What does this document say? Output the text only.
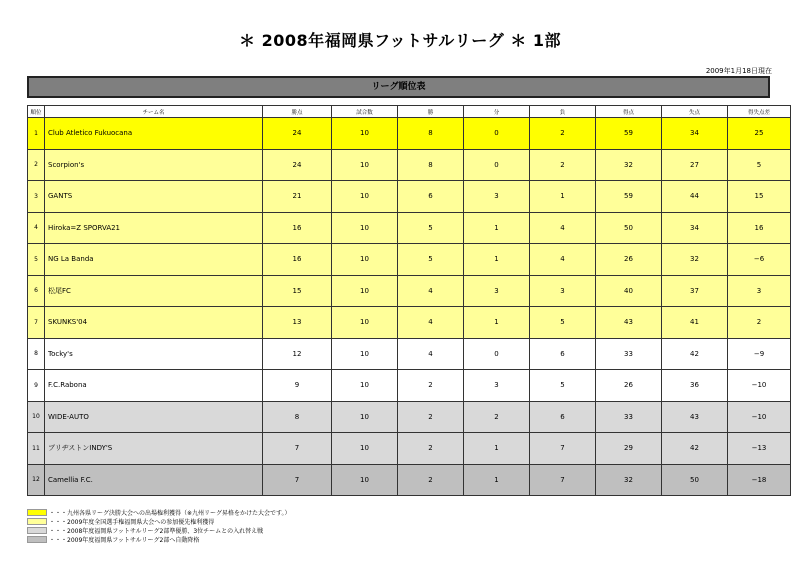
＊ 2008年福岡県フットサルリーグ ＊ 1部
2009年1月18日現在
リーグ順位表
順位	チーム名	勝点	試合数	勝	分	負	得点	失点	得失点差
1	Club Atletico Fukuocana	24	10	8	0	2	59	34	25
2	Scorpion's	24	10	8	0	2	32	27	5
3	GANTS	21	10	6	3	1	59	44	15
4	Hiroka=Z SPORVA21	16	10	5	1	4	50	34	16
5	NG La Banda	16	10	5	1	4	26	32	−6
6	松尾FC	15	10	4	3	3	40	37	3
7	SKUNKS'04	13	10	4	1	5	43	41	2
8	Tocky's	12	10	4	0	6	33	42	−9
9	F.C.Rabona	9	10	2	3	5	26	36	−10
10	WIDE-AUTO	8	10	2	2	6	33	43	−10
11	ブリヂストンINDY'S	7	10	2	1	7	29	42	−13
12	Camellia F.C.	7	10	2	1	7	32	50	−18
・・・九州各県リーグ決勝大会への出場権利獲得（※九州リーグ昇格をかけた大会です。）
・・・2009年度全国選手権福岡県大会への参加優先権利獲得
・・・2008年度福岡県フットサルリーグ2部準優勝、3位チームとの入れ替え戦
・・・2009年度福岡県フットサルリーグ2部へ自動降格
